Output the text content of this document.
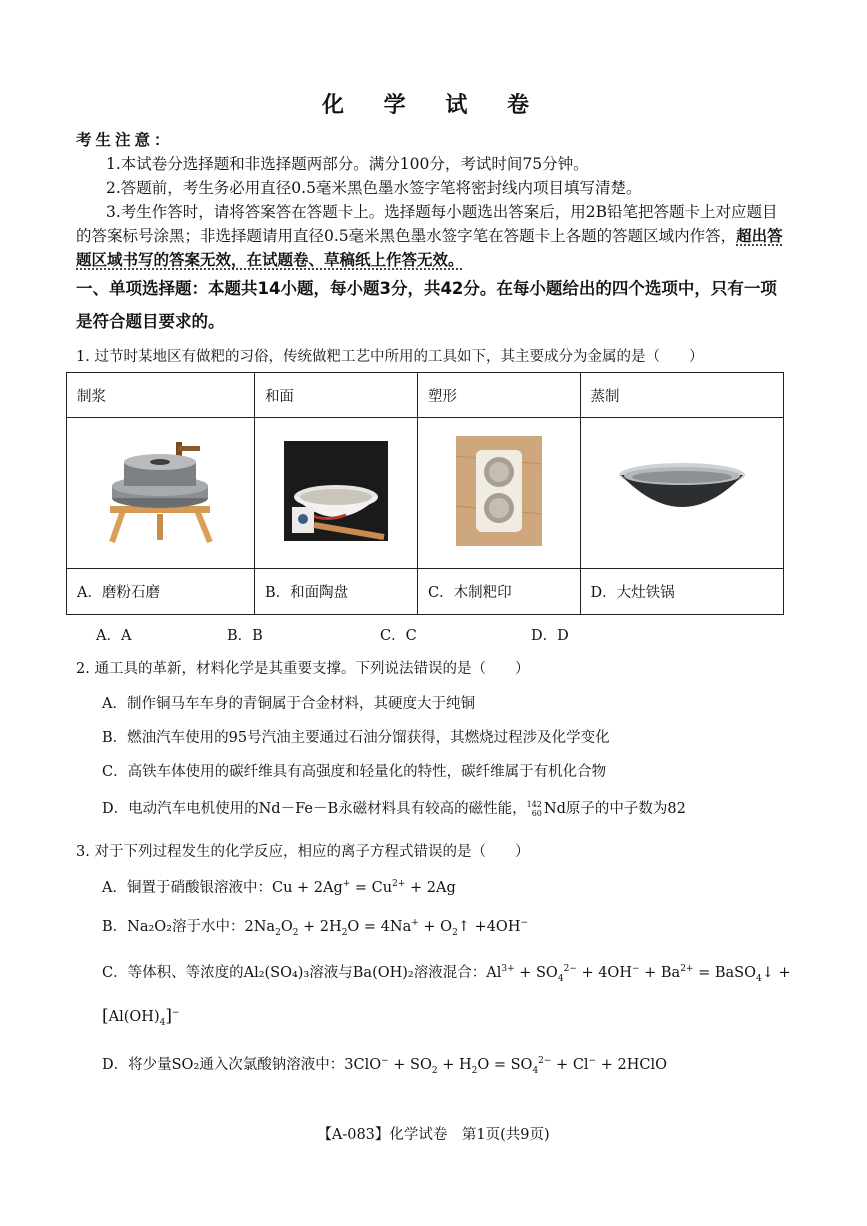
化 学 试 卷
考生注意：
1.本试卷分选择题和非选择题两部分。满分100分，考试时间75分钟。
2.答题前，考生务必用直径0.5毫米黑色墨水签字笔将密封线内项目填写清楚。
3.考生作答时，请将答案答在答题卡上。选择题每小题选出答案后，用2B铅笔把答题卡上对应题目的答案标号涂黑；非选择题请用直径0.5毫米黑色墨水签字笔在答题卡上各题的答题区域内作答，超出答题区域书写的答案无效，在试题卷、草稿纸上作答无效。
一、单项选择题：本题共14小题，每小题3分，共42分。在每小题给出的四个选项中，只有一项是符合题目要求的。
1. 过节时某地区有做粑的习俗，传统做粑工艺中所用的工具如下，其主要成分为金属的是（　　）
制浆	和面	塑形	蒸制

A．磨粉石磨	B．和面陶盘	C．木制粑印	D．大灶铁锅
A．A	B．B	C．C	D．D
2. 通工具的革新，材料化学是其重要支撑。下列说法错误的是（　　）
A．制作铜马车车身的青铜属于合金材料，其硬度大于纯铜
B．燃油汽车使用的95号汽油主要通过石油分馏获得，其燃烧过程涉及化学变化
C．高铁车体使用的碳纤维具有高强度和轻量化的特性，碳纤维属于有机化合物
D．电动汽车电机使用的Nd－Fe－B永磁材料具有较高的磁性能，142
60 Nd原子的中子数为82
3. 对于下列过程发生的化学反应，相应的离子方程式错误的是（　　）
A．铜置于硝酸银溶液中：$Cu + 2Ag^+ = Cu^{2+} + 2Ag$
B．Na₂O₂溶于水中：$2Na_2O_2 + 2H_2O = 4Na^+$ + $O_2↑ +4OH^-$
C．等体积、等浓度的Al₂(SO₄)₃溶液与Ba(OH)₂溶液混合：$Al^{3+} + SO_4^{2-} + 4OH^- + Ba^{2+}$ = BaSO$_4$↓ +
$[Al(OH)_4]^-$
D．将少量SO₂通入次氯酸钠溶液中：$3ClO^- + SO_2 + H_2O = SO_4^{2-} + Cl^-$ + 2HClO
【A-083】化学试卷　第1页(共9页)
